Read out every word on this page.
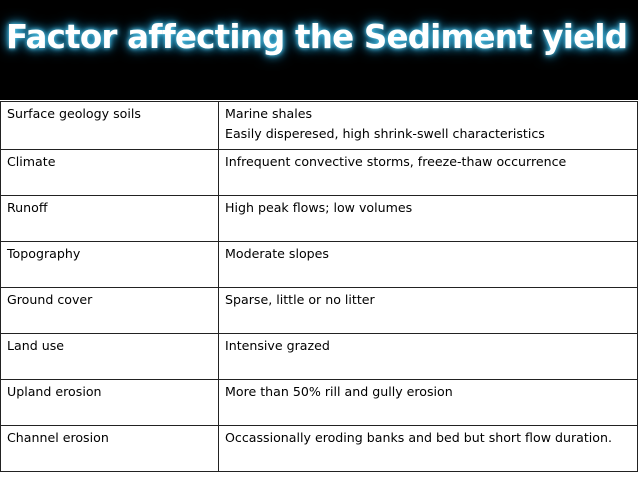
Factor affecting the Sediment yield
Surface geology soils	Marine shales
Easily disperesed, high shrink-swell characteristics

Climate	Infrequent convective storms, freeze-thaw occurrence
Runoff	High peak flows; low volumes
Topography	Moderate slopes
Ground cover	Sparse, little or no litter
Land use	Intensive grazed
Upland erosion	More than 50% rill and gully erosion
Channel erosion	Occassionally eroding banks and bed but short flow duration.
